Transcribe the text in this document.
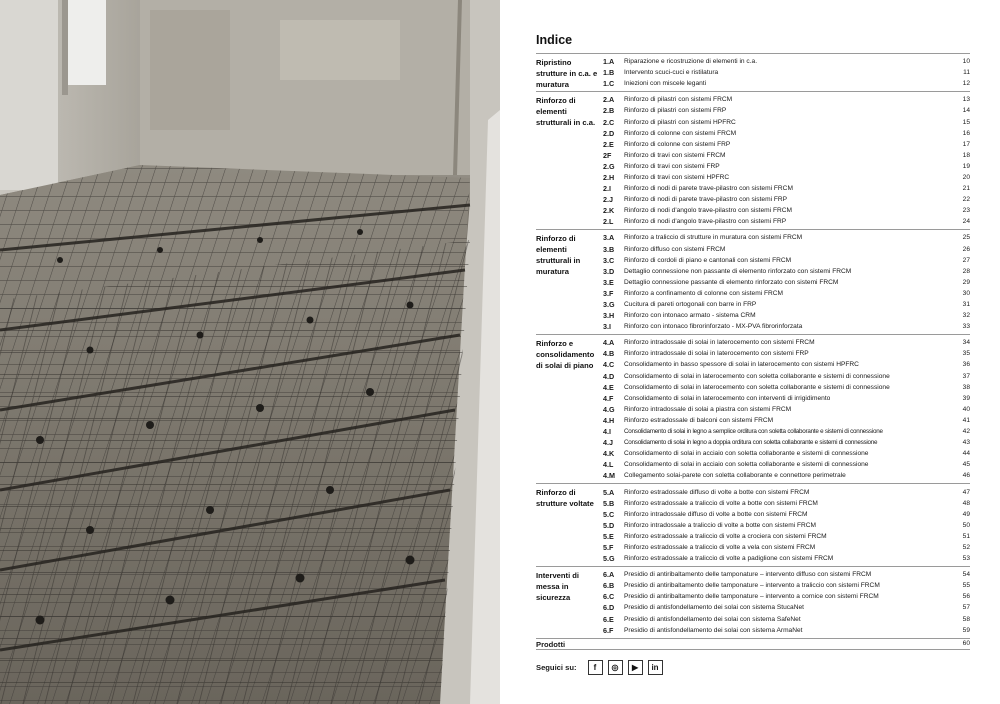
Indice
Ripristino strutture in c.a. e muratura
1.A	Riparazione e ricostruzione di elementi in c.a.	10
1.B	Intervento scuci-cuci e ristilatura	11
1.C	Iniezioni con miscele leganti	12
Rinforzo di elementi strutturali in c.a.
2.A	Rinforzo di pilastri con sistemi FRCM	13
2.B	Rinforzo di pilastri con sistemi FRP	14
2.C	Rinforzo di pilastri con sistemi HPFRC	15
2.D	Rinforzo di colonne con sistemi FRCM	16
2.E	Rinforzo di colonne con sistemi FRP	17
2F	Rinforzo di travi con sistemi FRCM	18
2.G	Rinforzo di travi con sistemi FRP	19
2.H	Rinforzo di travi con sistemi HPFRC	20
2.I	Rinforzo di nodi di parete trave-pilastro con sistemi FRCM	21
2.J	Rinforzo di nodi di parete trave-pilastro con sistemi FRP	22
2.K	Rinforzo di nodi d'angolo trave-pilastro con sistemi FRCM	23
2.L	Rinforzo di nodi d'angolo trave-pilastro con sistemi FRP	24
Rinforzo di elementi strutturali in muratura
3.A	Rinforzo a traliccio di strutture in muratura con sistemi FRCM	25
3.B	Rinforzo diffuso con sistemi FRCM	26
3.C	Rinforzo di cordoli di piano e cantonali con sistemi FRCM	27
3.D	Dettaglio connessione non passante di elemento rinforzato con sistemi FRCM	28
3.E	Dettaglio connessione passante di elemento rinforzato con sistemi FRCM	29
3.F	Rinforzo a confinamento di colonne con sistemi FRCM	30
3.G	Cucitura di pareti ortogonali con barre in FRP	31
3.H	Rinforzo con intonaco armato - sistema CRM	32
3.I	Rinforzo con intonaco fibrorinforzato - MX-PVA fibrorinforzata	33
Rinforzo e consolidamento di solai di piano
4.A	Rinforzo intradossale di solai in laterocemento con sistemi FRCM	34
4.B	Rinforzo intradossale di solai in laterocemento con sistemi FRP	35
4.C	Consolidamento in basso spessore di solai in laterocemento con sistemi HPFRC	36
4.D	Consolidamento di solai in laterocemento con soletta collaborante e sistemi di connessione	37
4.E	Consolidamento di solai in laterocemento con soletta collaborante e sistemi di connessione	38
4.F	Consolidamento di solai in laterocemento con interventi di irrigidimento	39
4.G	Rinforzo intradossale di solai a piastra con sistemi FRCM	40
4.H	Rinforzo estradossale di balconi con sistemi FRCM	41
4.I	Consolidamento di solai in legno a semplice orditura con soletta collaborante e sistemi di connessione	42
4.J	Consolidamento di solai in legno a doppia orditura con soletta collaborante e sistemi di connessione	43
4.K	Consolidamento di solai in acciaio con soletta collaborante e sistemi di connessione	44
4.L	Consolidamento di solai in acciaio con soletta collaborante e sistemi di connessione	45
4.M	Collegamento solai-parete con soletta collaborante e connettore perimetrale	46
Rinforzo di strutture voltate
5.A	Rinforzo estradossale diffuso di volte a botte con sistemi FRCM	47
5.B	Rinforzo estradossale a traliccio di volte a botte con sistemi FRCM	48
5.C	Rinforzo intradossale diffuso di volte a botte con sistemi FRCM	49
5.D	Rinforzo intradossale a traliccio di volte a botte con sistemi FRCM	50
5.E	Rinforzo estradossale a traliccio di volte a crociera con sistemi FRCM	51
5.F	Rinforzo estradossale a traliccio di volte a vela con sistemi FRCM	52
5.G	Rinforzo estradossale a traliccio di volte a padiglione con sistemi FRCM	53
Interventi di messa in sicurezza
6.A	Presidio di antiribaltamento delle tamponature – intervento diffuso con sistemi FRCM	54
6.B	Presidio di antiribaltamento delle tamponature – intervento a traliccio con sistemi FRCM	55
6.C	Presidio di antiribaltamento delle tamponature – intervento a cornice con sistemi FRCM	56
6.D	Presidio di antisfondellamento dei solai con sistema StucaNet	57
6.E	Presidio di antisfondellamento dei solai con sistema SafeNet	58
6.F	Presidio di antisfondellamento dei solai con sistema ArmaNet	59
Prodotti	60
Seguici su:	f	◎	▶	in
